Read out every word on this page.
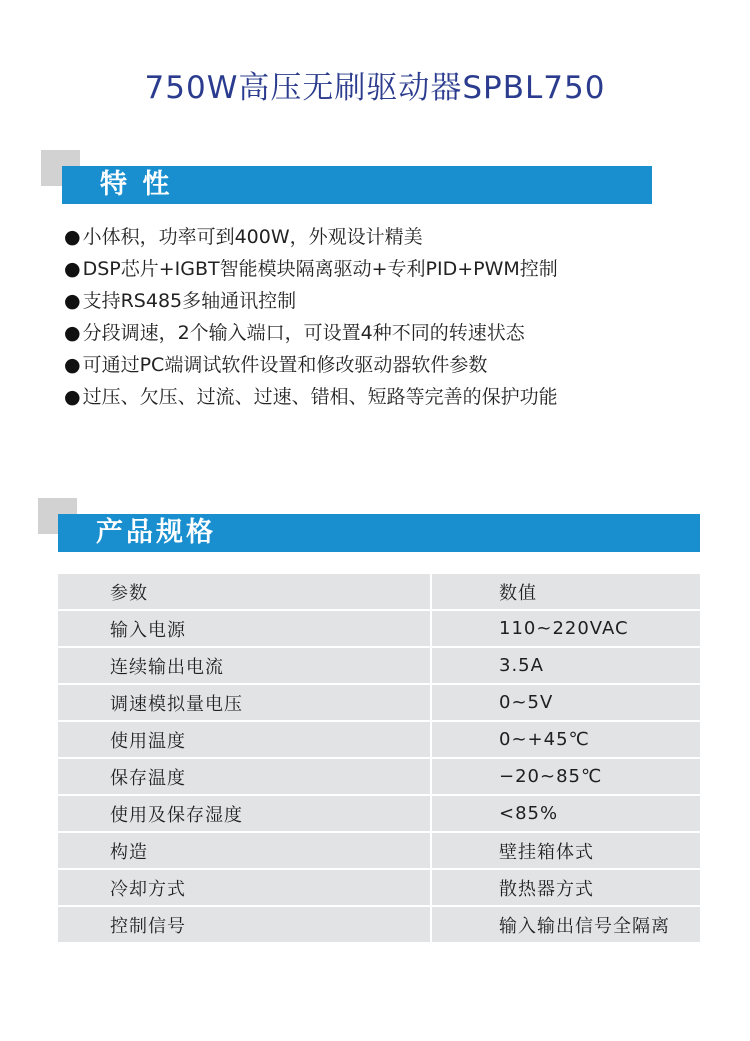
750W高压无刷驱动器SPBL750
特 性
● 小体积，功率可到400W，外观设计精美
● DSP芯片+IGBT智能模块隔离驱动+专利PID+PWM控制
● 支持RS485多轴通讯控制
● 分段调速，2个输入端口，可设置4种不同的转速状态
● 可通过PC端调试软件设置和修改驱动器软件参数
● 过压、欠压、过流、过速、错相、短路等完善的保护功能
产品规格
参数	数值
输入电源	110~220VAC
连续输出电流	3.5A
调速模拟量电压	0~5V
使用温度	0~+45℃
保存温度	−20~85℃
使用及保存湿度	<85%
构造	壁挂箱体式
冷却方式	散热器方式
控制信号	输入输出信号全隔离
